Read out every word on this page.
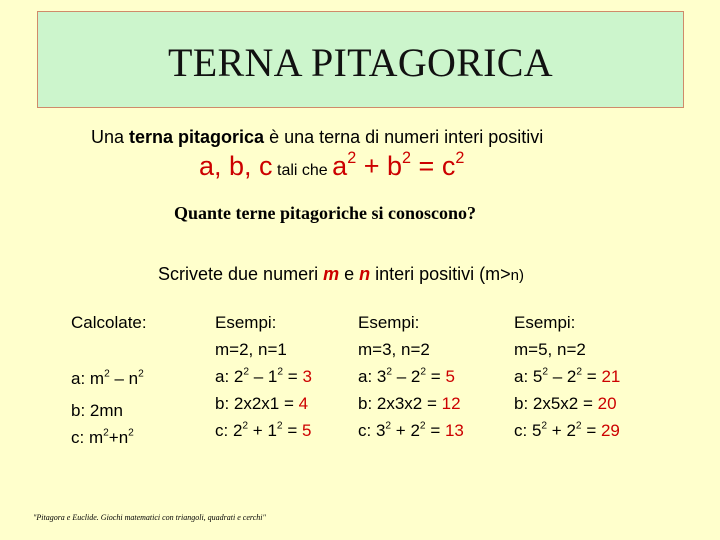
TERNA PITAGORICA
Una terna pitagorica è una terna di numeri interi positivi
a, b, c tali che $a^2 + b^2 = c^2$
Quante terne pitagoriche si conoscono?
Scrivete due numeri m e n interi positivi (m>n)
Calcolate:
a: $m^2 - n^2$
b: 2mn
c: $m^2+n^2$
Esempi:
m=2, n=1
a: $2^2 - 1^2 = 3$
b: 2x2x1 = 4
c: $2^2 + 1^2 = 5$
Esempi:
m=3, n=2
a: $3^2 - 2^2 = 5$
b: 2x3x2 = 12
c: $3^2 + 2^2 = 13$
Esempi:
m=5, n=2
a: $5^2 - 2^2 = 21$
b: 2x5x2 = 20
c: $5^2 + 2^2 = 29$
"Pitagora e Euclide. Giochi matematici con triangoli, quadrati e cerchi"
